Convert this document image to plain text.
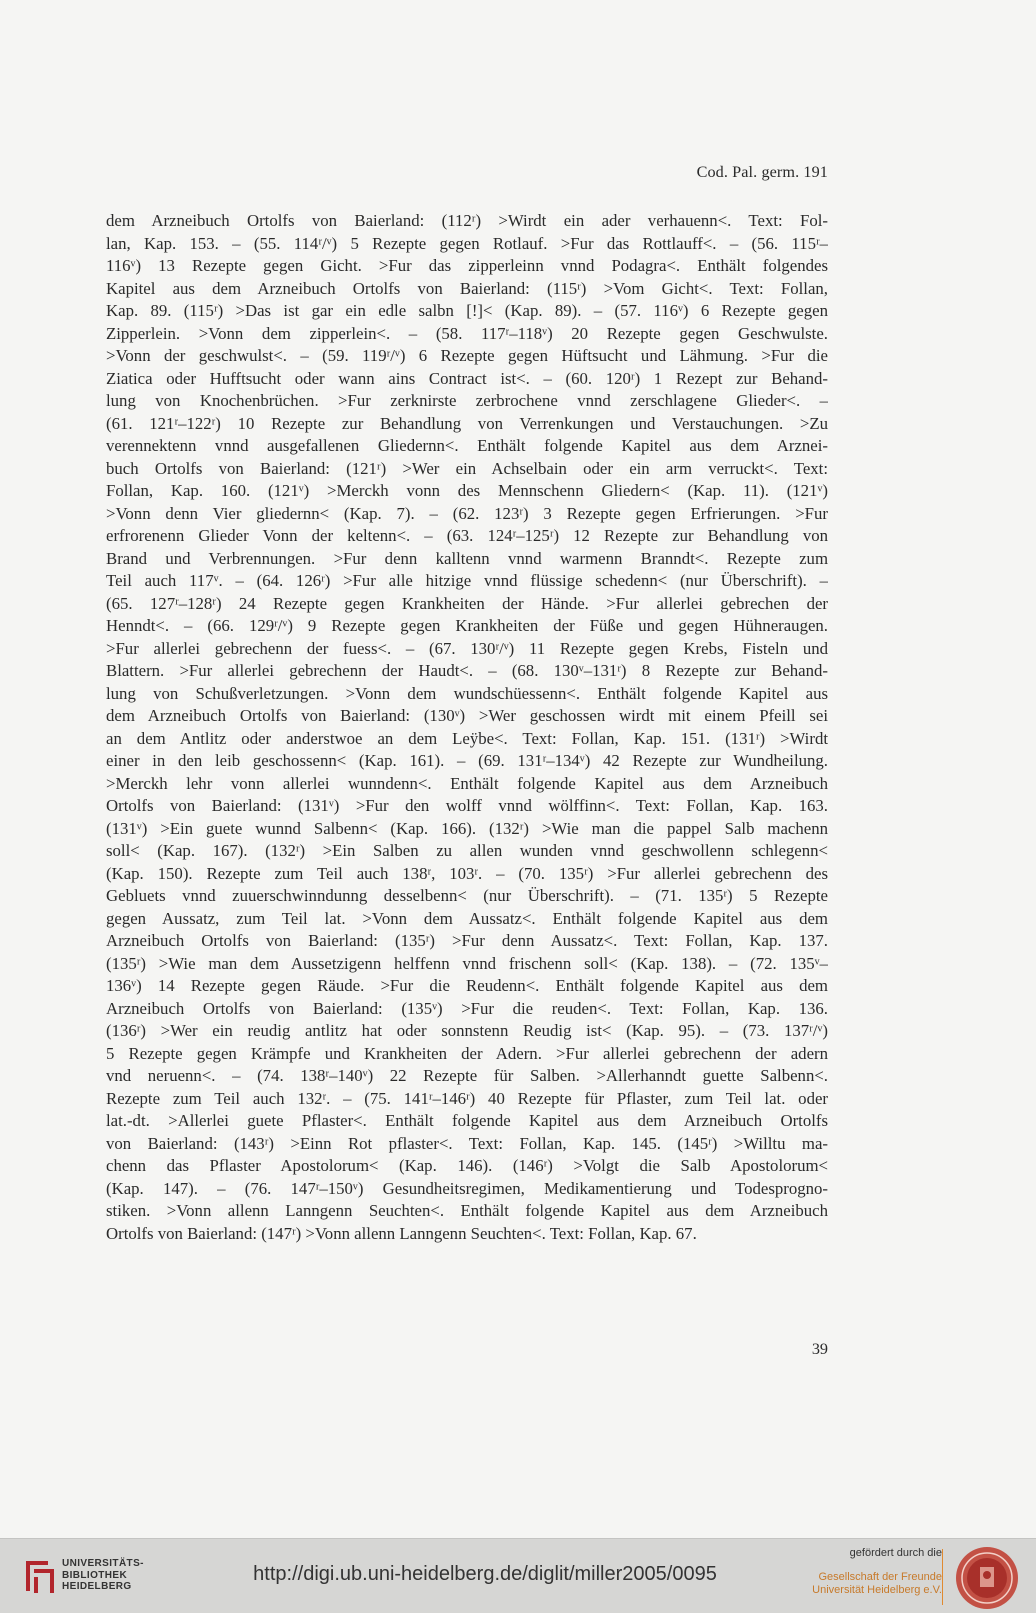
Cod. Pal. germ. 191
dem Arzneibuch Ortolfs von Baierland: (112ʳ) >Wirdt ein ader verhauenn<. Text: Fol-
lan, Kap. 153. – (55. 114ʳ/ᵛ) 5 Rezepte gegen Rotlauf. >Fur das Rottlauff<. – (56. 115ʳ–
116ᵛ) 13 Rezepte gegen Gicht. >Fur das zipperleinn vnnd Podagra<. Enthält folgendes
Kapitel aus dem Arzneibuch Ortolfs von Baierland: (115ʳ) >Vom Gicht<. Text: Follan,
Kap. 89. (115ʳ) >Das ist gar ein edle salbn [!]< (Kap. 89). – (57. 116ᵛ) 6 Rezepte gegen
Zipperlein. >Vonn dem zipperlein<. – (58. 117ʳ–118ᵛ) 20 Rezepte gegen Geschwulste.
>Vonn der geschwulst<. – (59. 119ʳ/ᵛ) 6 Rezepte gegen Hüftsucht und Lähmung. >Fur die
Ziatica oder Hufftsucht oder wann ains Contract ist<. – (60. 120ʳ) 1 Rezept zur Behand-
lung von Knochenbrüchen. >Fur zerknirste zerbrochene vnnd zerschlagene Glieder<. –
(61. 121ʳ–122ʳ) 10 Rezepte zur Behandlung von Verrenkungen und Verstauchungen. >Zu
verennektenn vnnd ausgefallenen Gliedernn<. Enthält folgende Kapitel aus dem Arznei-
buch Ortolfs von Baierland: (121ʳ) >Wer ein Achselbain oder ein arm verruckt<. Text:
Follan, Kap. 160. (121ᵛ) >Merckh vonn des Mennschenn Gliedern< (Kap. 11). (121ᵛ)
>Vonn denn Vier gliedernn< (Kap. 7). – (62. 123ʳ) 3 Rezepte gegen Erfrierungen. >Fur
erfrorenenn Glieder Vonn der keltenn<. – (63. 124ʳ–125ʳ) 12 Rezepte zur Behandlung von
Brand und Verbrennungen. >Fur denn kalltenn vnnd warmenn Branndt<. Rezepte zum
Teil auch 117ᵛ. – (64. 126ʳ) >Fur alle hitzige vnnd flüssige schedenn< (nur Überschrift). –
(65. 127ʳ–128ʳ) 24 Rezepte gegen Krankheiten der Hände. >Fur allerlei gebrechen der
Henndt<. – (66. 129ʳ/ᵛ) 9 Rezepte gegen Krankheiten der Füße und gegen Hühneraugen.
>Fur allerlei gebrechenn der fuess<. – (67. 130ʳ/ᵛ) 11 Rezepte gegen Krebs, Fisteln und
Blattern. >Fur allerlei gebrechenn der Haudt<. – (68. 130ᵛ–131ʳ) 8 Rezepte zur Behand-
lung von Schußverletzungen. >Vonn dem wundschüessenn<. Enthält folgende Kapitel aus
dem Arzneibuch Ortolfs von Baierland: (130ᵛ) >Wer geschossen wirdt mit einem Pfeill sei
an dem Antlitz oder anderstwoe an dem Leÿbe<. Text: Follan, Kap. 151. (131ʳ) >Wirdt
einer in den leib geschossenn< (Kap. 161). – (69. 131ʳ–134ᵛ) 42 Rezepte zur Wundheilung.
>Merckh lehr vonn allerlei wunndenn<. Enthält folgende Kapitel aus dem Arzneibuch
Ortolfs von Baierland: (131ᵛ) >Fur den wolff vnnd wölffinn<. Text: Follan, Kap. 163.
(131ᵛ) >Ein guete wunnd Salbenn< (Kap. 166). (132ʳ) >Wie man die pappel Salb machenn
soll< (Kap. 167). (132ʳ) >Ein Salben zu allen wunden vnnd geschwollenn schlegenn<
(Kap. 150). Rezepte zum Teil auch 138ʳ, 103ʳ. – (70. 135ʳ) >Fur allerlei gebrechenn des
Gebluets vnnd zuuerschwinndunng desselbenn< (nur Überschrift). – (71. 135ʳ) 5 Rezepte
gegen Aussatz, zum Teil lat. >Vonn dem Aussatz<. Enthält folgende Kapitel aus dem
Arzneibuch Ortolfs von Baierland: (135ʳ) >Fur denn Aussatz<. Text: Follan, Kap. 137.
(135ʳ) >Wie man dem Aussetzigenn helffenn vnnd frischenn soll< (Kap. 138). – (72. 135ᵛ–
136ᵛ) 14 Rezepte gegen Räude. >Fur die Reudenn<. Enthält folgende Kapitel aus dem
Arzneibuch Ortolfs von Baierland: (135ᵛ) >Fur die reuden<. Text: Follan, Kap. 136.
(136ʳ) >Wer ein reudig antlitz hat oder sonnstenn Reudig ist< (Kap. 95). – (73. 137ʳ/ᵛ)
5 Rezepte gegen Krämpfe und Krankheiten der Adern. >Fur allerlei gebrechenn der adern
vnd neruenn<. – (74. 138ʳ–140ᵛ) 22 Rezepte für Salben. >Allerhanndt guette Salbenn<.
Rezepte zum Teil auch 132ʳ. – (75. 141ʳ–146ʳ) 40 Rezepte für Pflaster, zum Teil lat. oder
lat.-dt. >Allerlei guete Pflaster<. Enthält folgende Kapitel aus dem Arzneibuch Ortolfs
von Baierland: (143ʳ) >Einn Rot pflaster<. Text: Follan, Kap. 145. (145ʳ) >Willtu ma-
chenn das Pflaster Apostolorum< (Kap. 146). (146ʳ) >Volgt die Salb Apostolorum<
(Kap. 147). – (76. 147ʳ–150ᵛ) Gesundheitsregimen, Medikamentierung und Todesprogno-
stiken. >Vonn allenn Lanngenn Seuchten<. Enthält folgende Kapitel aus dem Arzneibuch
Ortolfs von Baierland: (147ʳ) >Vonn allenn Lanngenn Seuchten<. Text: Follan, Kap. 67.
39
UNIVERSITÄTS-
BIBLIOTHEK
HEIDELBERG
http://digi.ub.uni-heidelberg.de/diglit/miller2005/0095
gefördert durch die
Gesellschaft der Freunde
Universität Heidelberg e.V.
